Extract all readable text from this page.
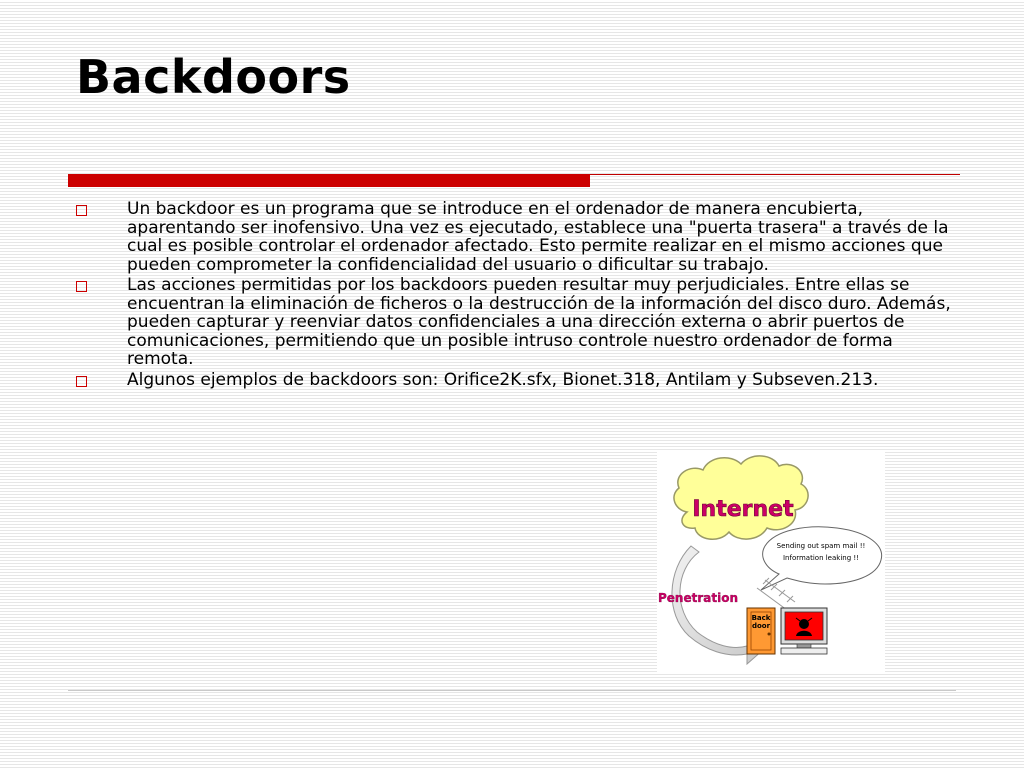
Backdoors
Un backdoor es un programa que se introduce en el ordenador de manera encubierta, aparentando ser inofensivo. Una vez es ejecutado, establece una "puerta trasera" a través de la cual es posible controlar el ordenador afectado. Esto permite realizar en el mismo acciones que pueden comprometer la confidencialidad del usuario o dificultar su trabajo.
Las acciones permitidas por los backdoors pueden resultar muy perjudiciales. Entre ellas se encuentran la eliminación de ficheros o la destrucción de la información del disco duro. Además, pueden capturar y reenviar datos confidenciales a una dirección externa o abrir puertos de comunicaciones, permitiendo que un posible intruso controle nuestro ordenador de forma remota.
Algunos ejemplos de backdoors son: Orifice2K.sfx, Bionet.318, Antilam y Subseven.213.
Internet
Sending out spam mail !!
Information leaking !!
Penetration
Back
door
